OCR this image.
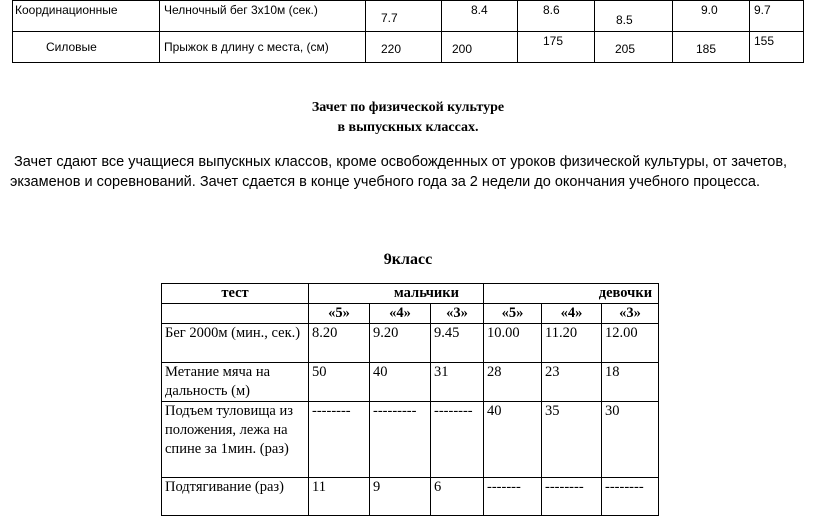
Координационные	Челночный бег 3х10м (сек.)	7.7	8.4	8.6	8.5	9.0	9.7

Силовые	Прыжок в длину с места, (см)	220	200	175	205	185	155
Зачет по физической культуре
в выпускных классах.
Зачет сдают все учащиеся выпускных классов, кроме освобожденных от уроков физической культуры, от зачетов,
экзаменов и соревнований. Зачет сдается в конце учебного года за 2 недели до окончания учебного процесса.
9класс
тест	мальчики			девочки		
	«5»	«4»	«3»	«5»	«4»	«3»
Бег 2000м (мин., сек.)	8.20	9.20	9.45	10.00	11.20	12.00
Метание мяча на дальность (м)	50	40	31	28	23	18
Подъем туловища из положения, лежа на спине за 1мин. (раз)	--------	---------	--------	40	35	30
Подтягивание (раз)	11	9	6	-------	--------	--------
